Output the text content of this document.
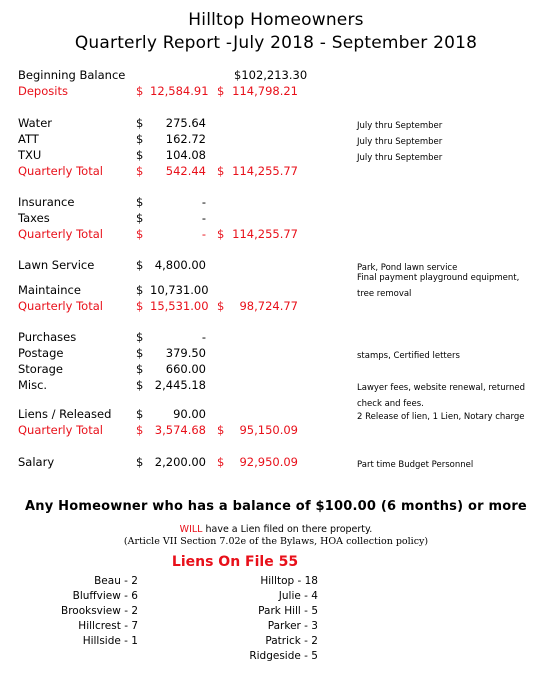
Hilltop Homeowners
Quarterly Report -July 2018 - September 2018
Beginning Balance	$102,213.30
Deposits	$ 12,584.91 $ 114,798.21
Water	$	275.64	July thru September
ATT	$	162.72	July thru September
TXU	$	104.08	July thru September
Quarterly Total	$	542.44 $ 114,255.77
Insurance	$	-
Taxes	$	-
Quarterly Total	$	- $ 114,255.77
Lawn Service	$ 4,800.00	Park, Pond lawn service
Maintaince	$ 10,731.00
Final payment playground equipment, tree removal
Quarterly Total	$ 15,531.00 $	98,724.77
Purchases	$	-
Postage	$	379.50	stamps, Certified letters
Storage	$	660.00
Misc.	$ 2,445.18	Lawyer fees, website renewal, returned check and fees.
Liens / Released $	90.00	2 Release of lien, 1 Lien, Notary charge
Quarterly Total	$ 3,574.68 $	95,150.09
Salary	$ 2,200.00 $	92,950.09	Part time Budget Personnel
Any Homeowner who has a balance of $100.00 (6 months) or more
WILL have a Lien filed on there property.
(Article VII Section 7.02e of the Bylaws, HOA collection policy)
Liens On File 55
Beau - 2
Bluffview - 6
Brooksview - 2
Hillcrest - 7
Hillside - 1
Hilltop - 18
Julie - 4
Park Hill - 5
Parker - 3
Patrick - 2
Ridgeside - 5
